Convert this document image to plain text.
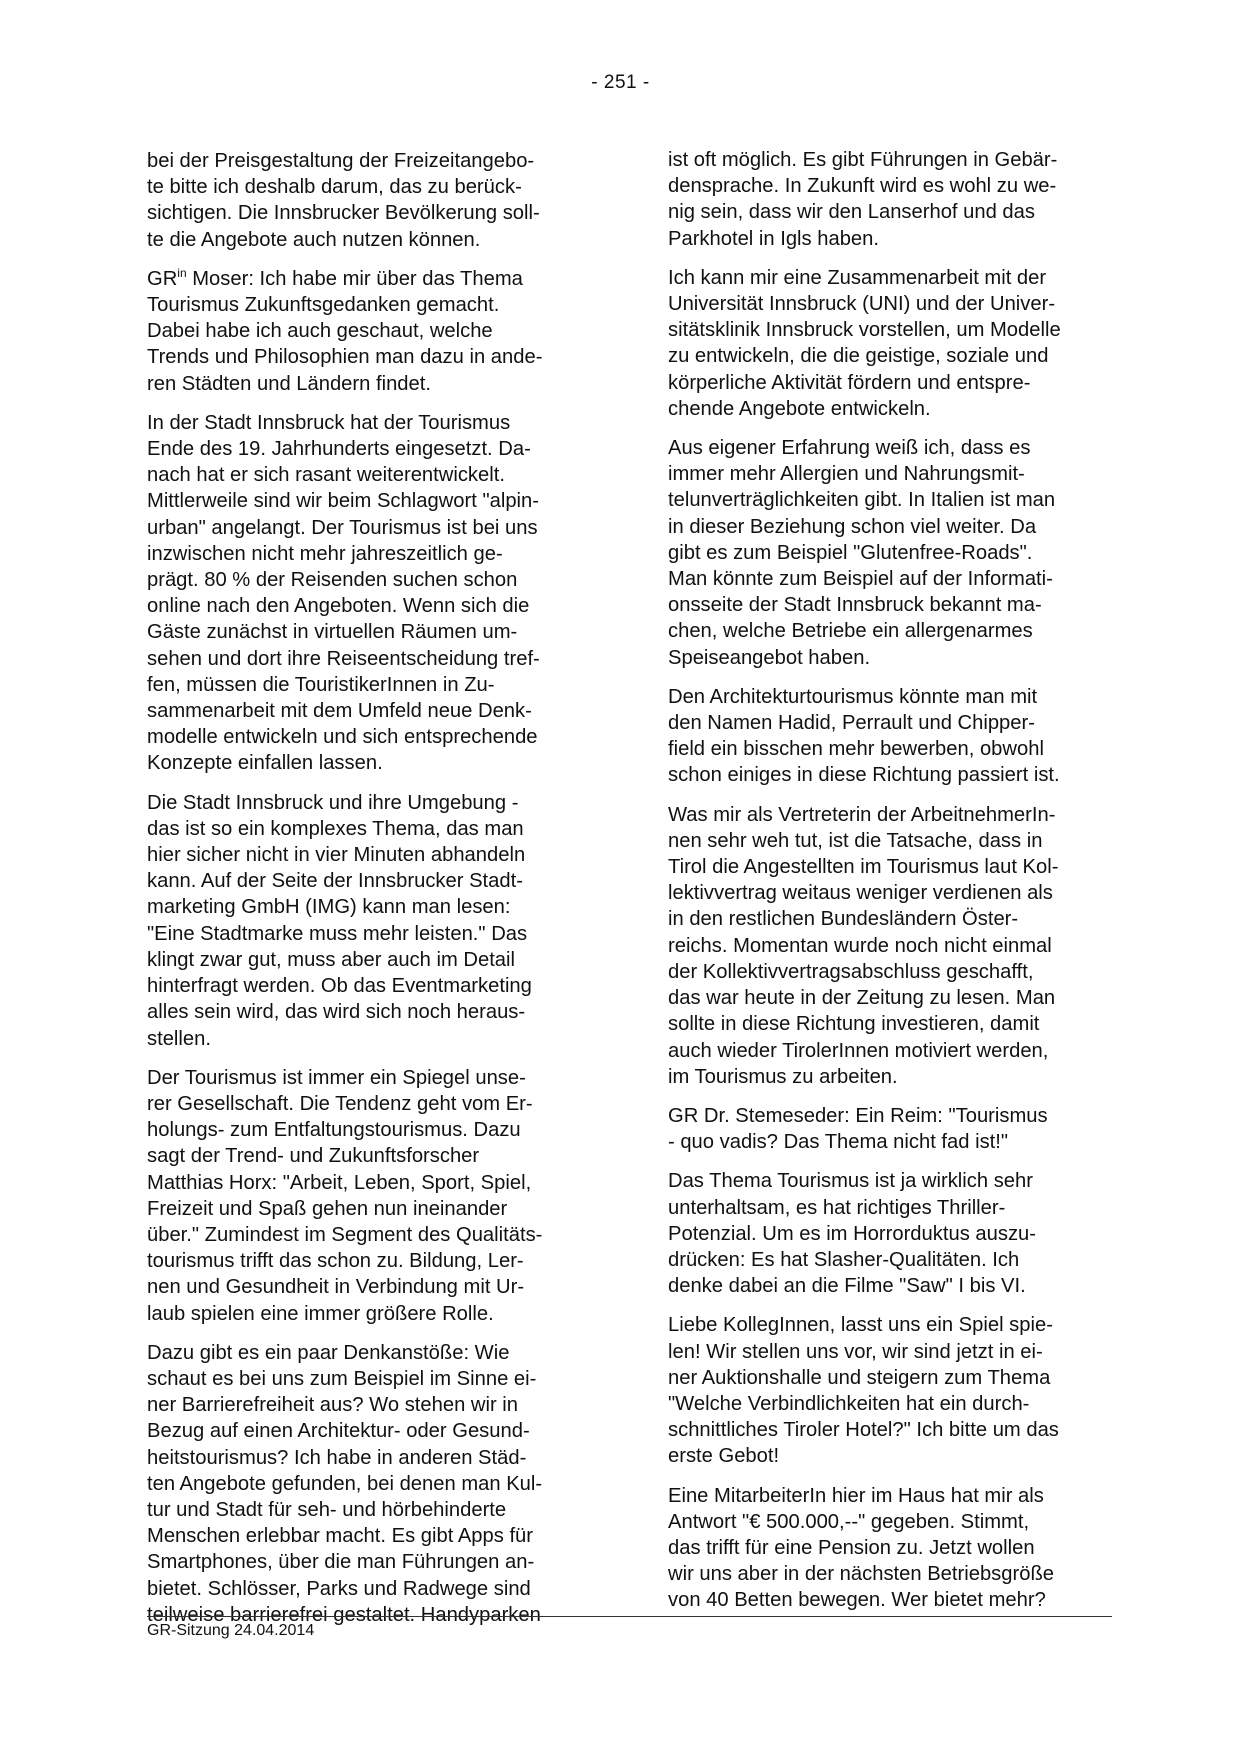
- 251 -

bei der Preisgestaltung der Freizeitangebo-
te bitte ich deshalb darum, das zu berück-
sichtigen. Die Innsbrucker Bevölkerung soll-
te die Angebote auch nutzen können.

$GR^{in}$ Moser: Ich habe mir über das Thema
Tourismus Zukunftsgedanken gemacht.
Dabei habe ich auch geschaut, welche
Trends und Philosophien man dazu in ande-
ren Städten und Ländern findet.

In der Stadt Innsbruck hat der Tourismus
Ende des 19. Jahrhunderts eingesetzt. Da-
nach hat er sich rasant weiterentwickelt.
Mittlerweile sind wir beim Schlagwort "alpin-
urban" angelangt. Der Tourismus ist bei uns
inzwischen nicht mehr jahreszeitlich ge-
prägt. 80 % der Reisenden suchen schon
online nach den Angeboten. Wenn sich die
Gäste zunächst in virtuellen Räumen um-
sehen und dort ihre Reiseentscheidung tref-
fen, müssen die TouristikerInnen in Zu-
sammenarbeit mit dem Umfeld neue Denk-
modelle entwickeln und sich entsprechende
Konzepte einfallen lassen.

Die Stadt Innsbruck und ihre Umgebung -
das ist so ein komplexes Thema, das man
hier sicher nicht in vier Minuten abhandeln
kann. Auf der Seite der Innsbrucker Stadt-
marketing GmbH (IMG) kann man lesen:
"Eine Stadtmarke muss mehr leisten." Das
klingt zwar gut, muss aber auch im Detail
hinterfragt werden. Ob das Eventmarketing
alles sein wird, das wird sich noch heraus-
stellen.

Der Tourismus ist immer ein Spiegel unse-
rer Gesellschaft. Die Tendenz geht vom Er-
holungs- zum Entfaltungstourismus. Dazu
sagt der Trend- und Zukunftsforscher
Matthias Horx: "Arbeit, Leben, Sport, Spiel,
Freizeit und Spaß gehen nun ineinander
über." Zumindest im Segment des Qualitäts-
tourismus trifft das schon zu. Bildung, Ler-
nen und Gesundheit in Verbindung mit Ur-
laub spielen eine immer größere Rolle.

Dazu gibt es ein paar Denkanstöße: Wie
schaut es bei uns zum Beispiel im Sinne ei-
ner Barrierefreiheit aus? Wo stehen wir in
Bezug auf einen Architektur- oder Gesund-
heitstourismus? Ich habe in anderen Städ-
ten Angebote gefunden, bei denen man Kul-
tur und Stadt für seh- und hörbehinderte
Menschen erlebbar macht. Es gibt Apps für
Smartphones, über die man Führungen an-
bietet. Schlösser, Parks und Radwege sind
teilweise barrierefrei gestaltet. Handyparken

ist oft möglich. Es gibt Führungen in Gebär-
densprache. In Zukunft wird es wohl zu we-
nig sein, dass wir den Lanserhof und das
Parkhotel in Igls haben.

Ich kann mir eine Zusammenarbeit mit der
Universität Innsbruck (UNI) und der Univer-
sitätsklinik Innsbruck vorstellen, um Modelle
zu entwickeln, die die geistige, soziale und
körperliche Aktivität fördern und entspre-
chende Angebote entwickeln.

Aus eigener Erfahrung weiß ich, dass es
immer mehr Allergien und Nahrungsmit-
telunverträglichkeiten gibt. In Italien ist man
in dieser Beziehung schon viel weiter. Da
gibt es zum Beispiel "Glutenfree-Roads".
Man könnte zum Beispiel auf der Informati-
onsseite der Stadt Innsbruck bekannt ma-
chen, welche Betriebe ein allergenarmes
Speiseangebot haben.

Den Architekturtourismus könnte man mit
den Namen Hadid, Perrault und Chipper-
field ein bisschen mehr bewerben, obwohl
schon einiges in diese Richtung passiert ist.

Was mir als Vertreterin der ArbeitnehmerIn-
nen sehr weh tut, ist die Tatsache, dass in
Tirol die Angestellten im Tourismus laut Kol-
lektivvertrag weitaus weniger verdienen als
in den restlichen Bundesländern Öster-
reichs. Momentan wurde noch nicht einmal
der Kollektivvertragsabschluss geschafft,
das war heute in der Zeitung zu lesen. Man
sollte in diese Richtung investieren, damit
auch wieder TirolerInnen motiviert werden,
im Tourismus zu arbeiten.

GR Dr. Stemeseder: Ein Reim: "Tourismus
- quo vadis? Das Thema nicht fad ist!"

Das Thema Tourismus ist ja wirklich sehr
unterhaltsam, es hat richtiges Thriller-
Potenzial. Um es im Horrorduktus auszu-
drücken: Es hat Slasher-Qualitäten. Ich
denke dabei an die Filme "Saw" I bis VI.

Liebe KollegInnen, lasst uns ein Spiel spie-
len! Wir stellen uns vor, wir sind jetzt in ei-
ner Auktionshalle und steigern zum Thema
"Welche Verbindlichkeiten hat ein durch-
schnittliches Tiroler Hotel?" Ich bitte um das
erste Gebot!

Eine MitarbeiterIn hier im Haus hat mir als
Antwort "€ 500.000,--" gegeben. Stimmt,
das trifft für eine Pension zu. Jetzt wollen
wir uns aber in der nächsten Betriebsgröße
von 40 Betten bewegen. Wer bietet mehr?

GR-Sitzung 24.04.2014
